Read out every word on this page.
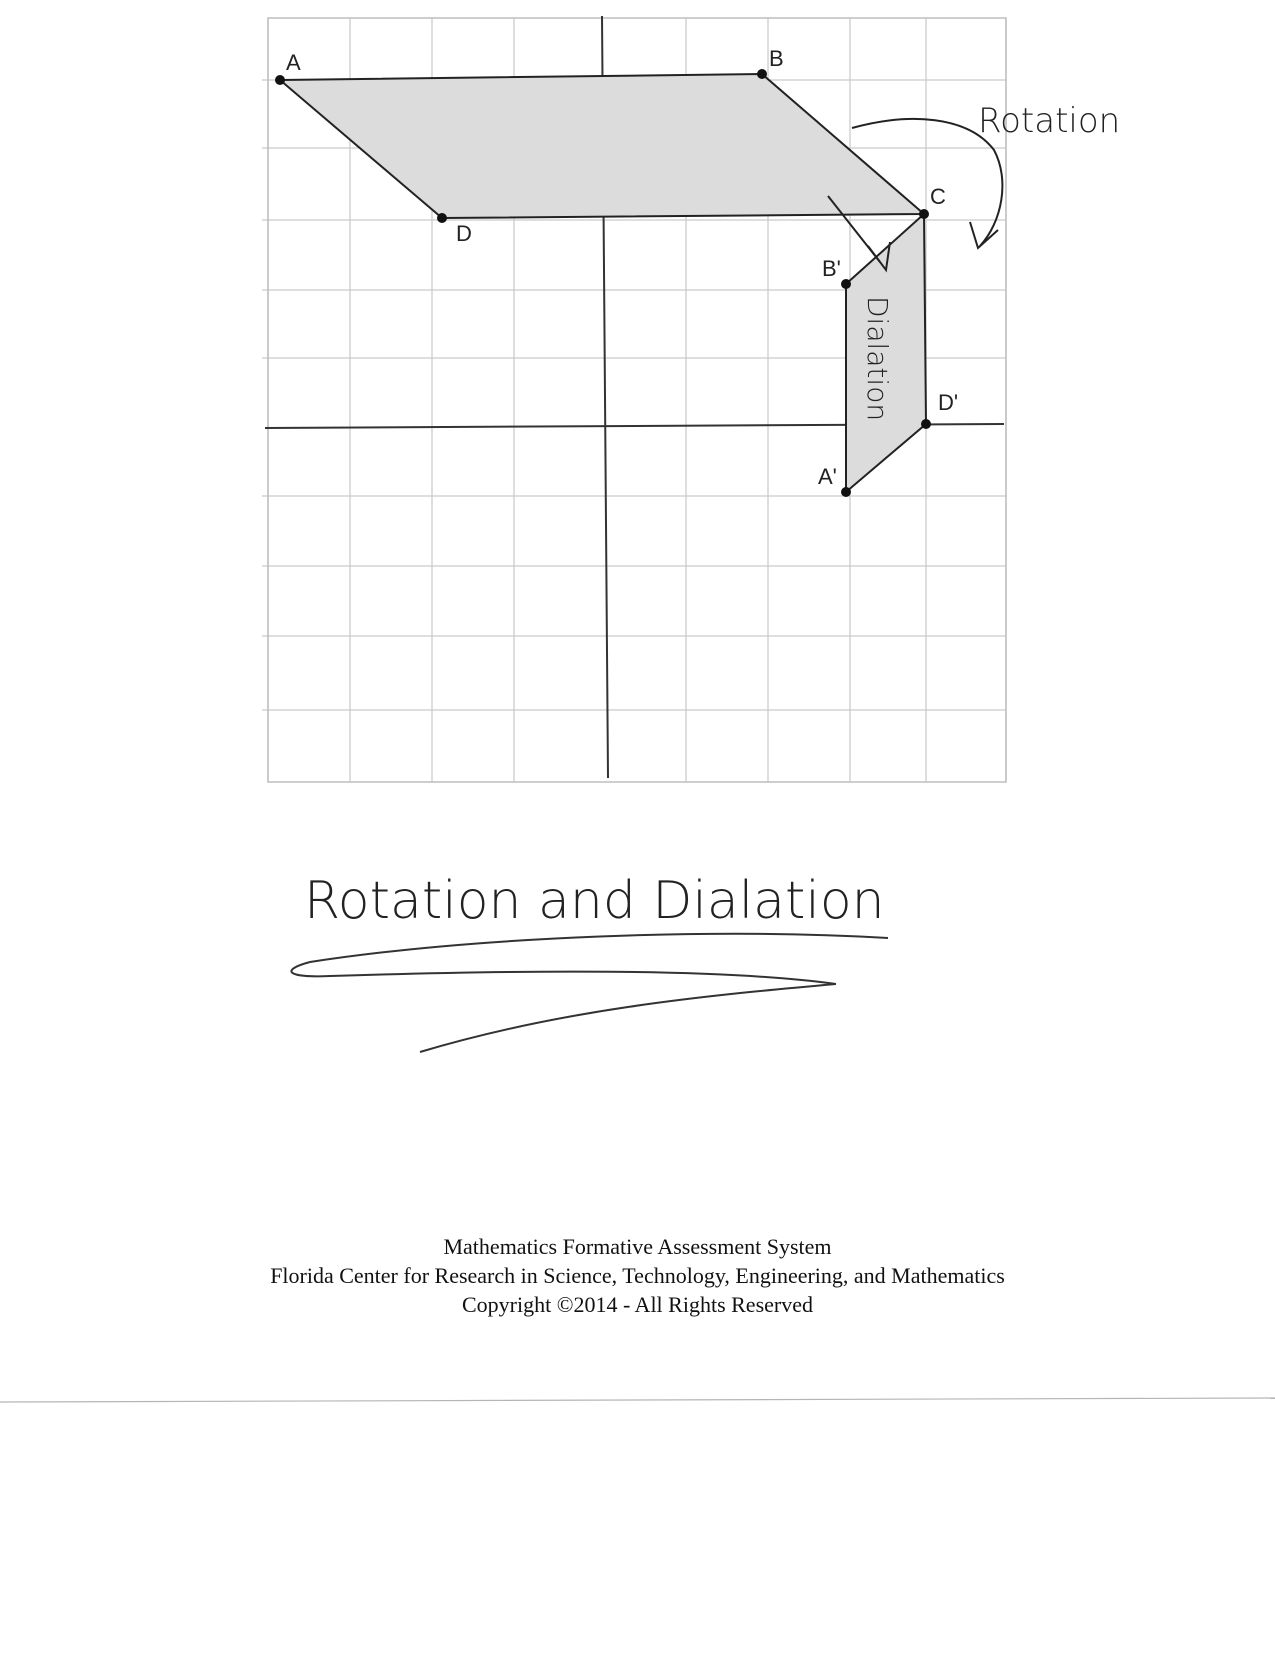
A	B
C
D
B'
D'
A'
Rotation
Dialation
Rotation and Dialation
Mathematics Formative Assessment System
Florida Center for Research in Science, Technology, Engineering, and Mathematics
Copyright ©2014 - All Rights Reserved
